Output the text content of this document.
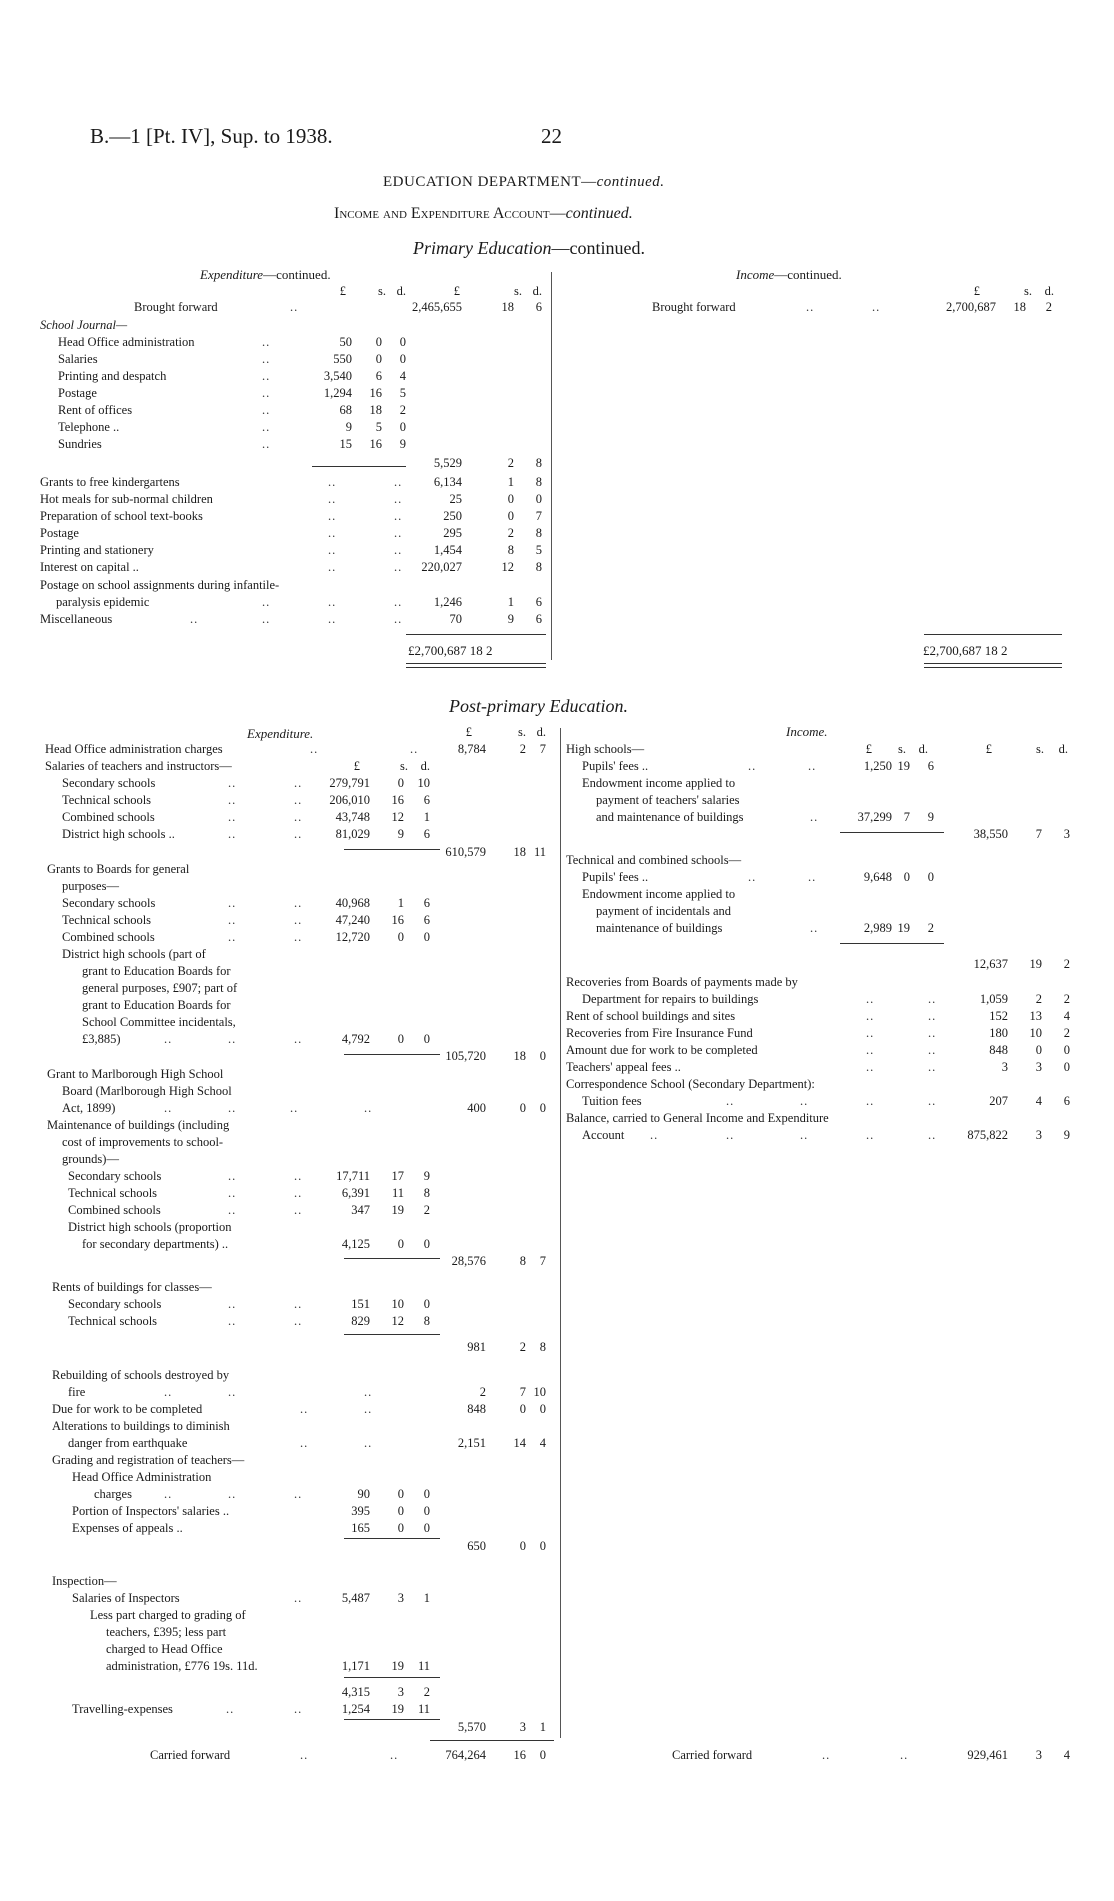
B.—1 [Pt. IV], Sup. to 1938.	22
EDUCATION DEPARTMENT—continued.
Income and Expenditure Account—continued.
Primary Education—continued.
Post-primary Education.
Expenditure—continued.	Income—continued.
£	s. d.	£	s. d.	£	s.	d.
Brought forward	..	2,465,655	18	6
School Journal—
5,529	2	8
Postage on school assignments during infantile-
paralysis epidemic	..	..	..	1,246	1	6
Miscellaneous	..	..	..	..	70	9	6
£2,700,687 18 2
Brought forward	..	..	2,700,687	18	2
£2,700,687 18 2
Expenditure.	£	s. d.
Head Office administration charges	..	..	8,784	2	7
Salaries of teachers and instructors—	£	s.	d.
Income.
£	s.	d.	£	s.	d.
Head Office administration	..	50	0	0
Salaries	..	550	0	0
Printing and despatch	..	3,540	6	4
Postage	..	1,294	16	5
Rent of offices	..	68	18	2
Telephone ..	..	9	5	0
Sundries	..	15	16	9
Grants to free kindergartens	..	..	6,134	1	8
Hot meals for sub-normal children	..	..	25	0	0
Preparation of school text-books	..	..	250	0	7
Postage	..	..	295	2	8
Printing and stationery	..	..	1,454	8	5
Interest on capital ..	..	..	220,027	12	8
Secondary schools	..	..	279,791	0	10
Technical schools	..	..	206,010	16	6
Combined schools	..	..	43,748	12	1
District high schools ..	..	..	81,029	9	6
610,579	18 11
Grants to Boards for general
purposes—
Secondary schools	..	..	40,968	1	6
Technical schools	..	..	47,240	16	6
Combined schools	..	..	12,720	0	0
District high schools (part of
grant to Education Boards for
general purposes, £907; part of
grant to Education Boards for
School Committee incidentals,
£3,885)	..	..	..	4,792	0	0
105,720	18	0
Grant to Marlborough High School
Board (Marlborough High School
Act, 1899)	..	..	..	..	400	0	0
Maintenance of buildings (including
cost of improvements to school-
grounds)—
Secondary schools	..	..	17,711	17	9
Technical schools	..	..	6,391	11	8
Combined schools	..	..	347	19	2
District high schools (proportion
for secondary departments) ..	4,125	0	0
28,576	8	7
Rents of buildings for classes—
Secondary schools	..	..	151	10	0
Technical schools	..	..	829	12	8
981	2	8
Rebuilding of schools destroyed by
fire	..	..	..	2	7 10
Due for work to be completed	..	..	848	0	0
Alterations to buildings to diminish
danger from earthquake	..	..	2,151	14	4
Grading and registration of teachers—
Head Office Administration
charges	..	..	..	90	0	0
Portion of Inspectors' salaries ..	395	0	0
Expenses of appeals ..	165	0	0
650	0	0
Inspection—
Salaries of Inspectors	..	5,487	3	1
Less part charged to grading of
teachers, £395; less part
charged to Head Office
administration, £776 19s. 11d.	1,171	19	11
4,315	3	2
Travelling-expenses	..	..	1,254	19	11
5,570	3	1
Carried forward	..	..	764,264	16	0
High schools—
Pupils' fees ..	..	..	1,250 19	6
Endowment income applied to
payment of teachers' salaries
and maintenance of buildings	..	37,299 7	9
38,550	7	3
Technical and combined schools—
Pupils' fees ..	..	..	9,648 0	0
Endowment income applied to
payment of incidentals and
maintenance of buildings	..	2,989 19	2
12,637	19	2
Recoveries from Boards of payments made by
Department for repairs to buildings	..	..	1,059	2	2
Rent of school buildings and sites	..	..	152	13	4
Recoveries from Fire Insurance Fund	..	..	180	10	2
Amount due for work to be completed	..	..	848	0	0
Teachers' appeal fees ..	..	..	3	3	0
Correspondence School (Secondary Department):
Tuition fees	..	..	..	..	207	4	6
Balance, carried to General Income and Expenditure
Account ..	..	..	..	..	875,822	3	9
Carried forward	..	..	929,461	3	4
